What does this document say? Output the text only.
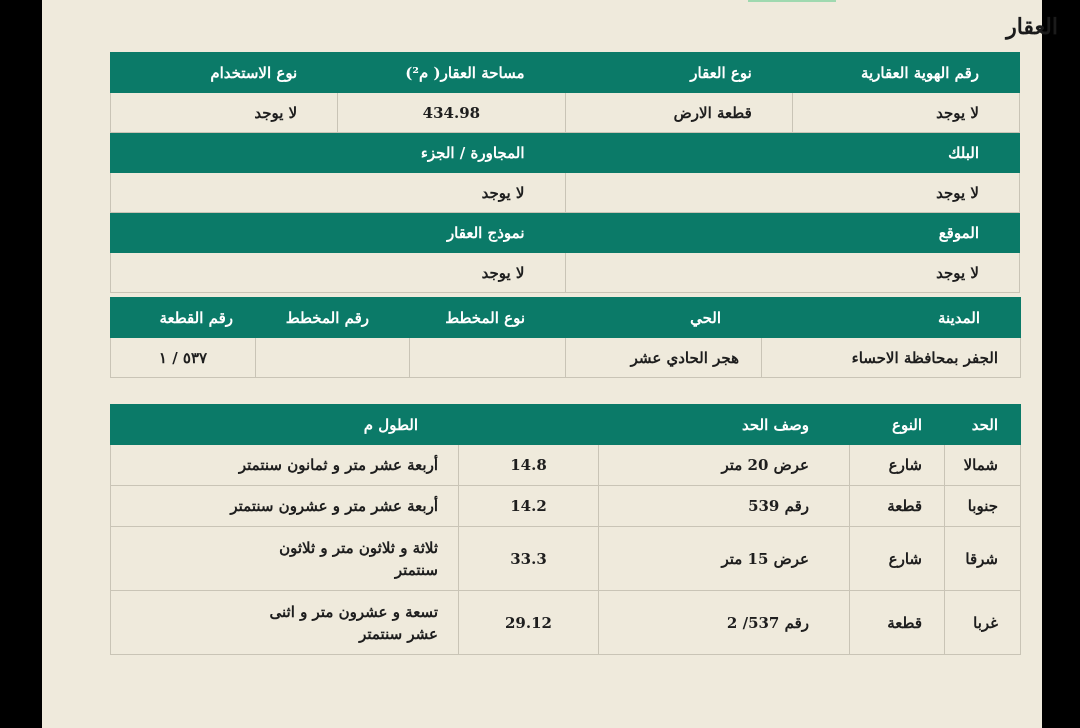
العقار
رقم الهوية العقارية	نوع العقار	مساحة العقار( م²)	نوع الاستخدام
لا يوجد	قطعة الارض	434.98	لا يوجد
البلك		المجاورة / الجزء	
لا يوجد		لا يوجد	
الموقع		نموذج العقار	
لا يوجد		لا يوجد	
المدينة	الحي	نوع المخطط	رقم المخطط	رقم القطعة
الجفر بمحافظة الاحساء	هجر الحادي عشر			٥٣٧ / ١
الحد	النوع	وصف الحد		الطول م
شمالا	شارع	عرض 20 متر	14.8	أربعة عشر متر و ثمانون سنتمتر
جنوبا	قطعة	رقم 539	14.2	أربعة عشر متر و عشرون سنتمتر
شرقا	شارع	عرض 15 متر	33.3	ثلاثة و ثلاثون متر و ثلاثون سنتمتر
غربا	قطعة	رقم 537/ 2	29.12	تسعة و عشرون متر و اثنى عشر سنتمتر
